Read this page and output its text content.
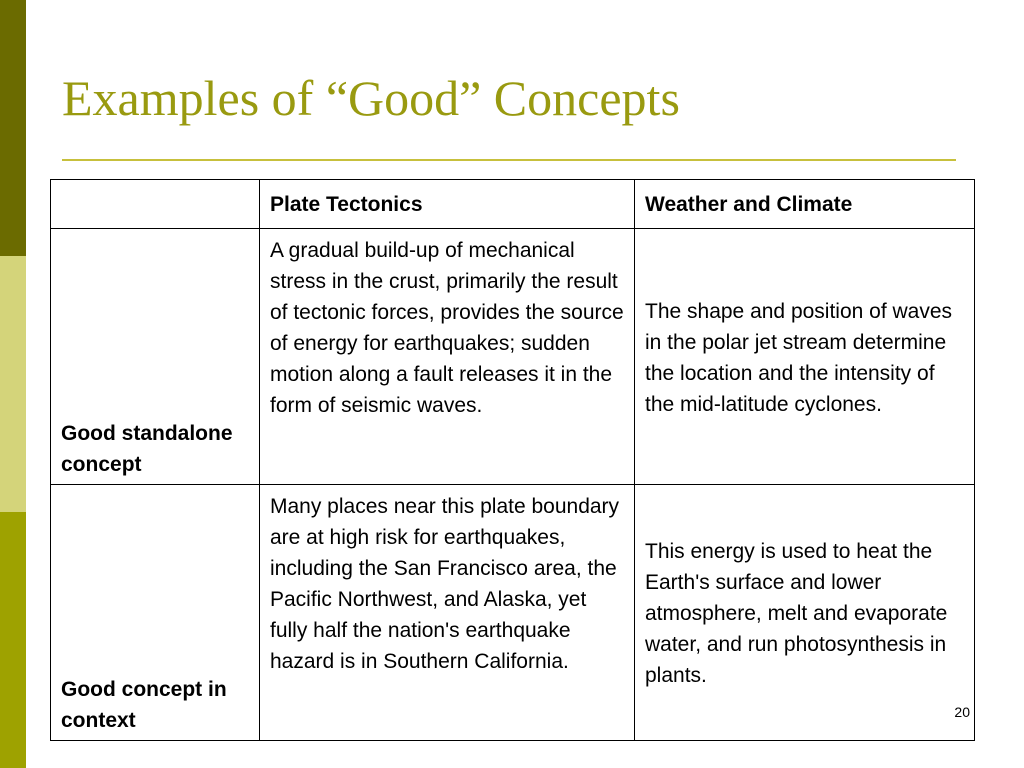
Examples of “Good” Concepts
	Plate Tectonics	Weather and Climate
Good standalone concept	A gradual build-up of mechanical stress in the crust, primarily the result of tectonic forces, provides the source of energy for earthquakes; sudden motion along a fault releases it in the form of seismic waves.	The shape and position of waves in the polar jet stream determine the location and the intensity of the mid-latitude cyclones.
Good concept in context	Many places near this plate boundary are at high risk for earthquakes, including the San Francisco area, the Pacific Northwest, and Alaska, yet fully half the nation's earthquake hazard is in Southern California.	This energy is used to heat the Earth's surface and lower atmosphere, melt and evaporate water, and run photosynthesis in plants.
20
